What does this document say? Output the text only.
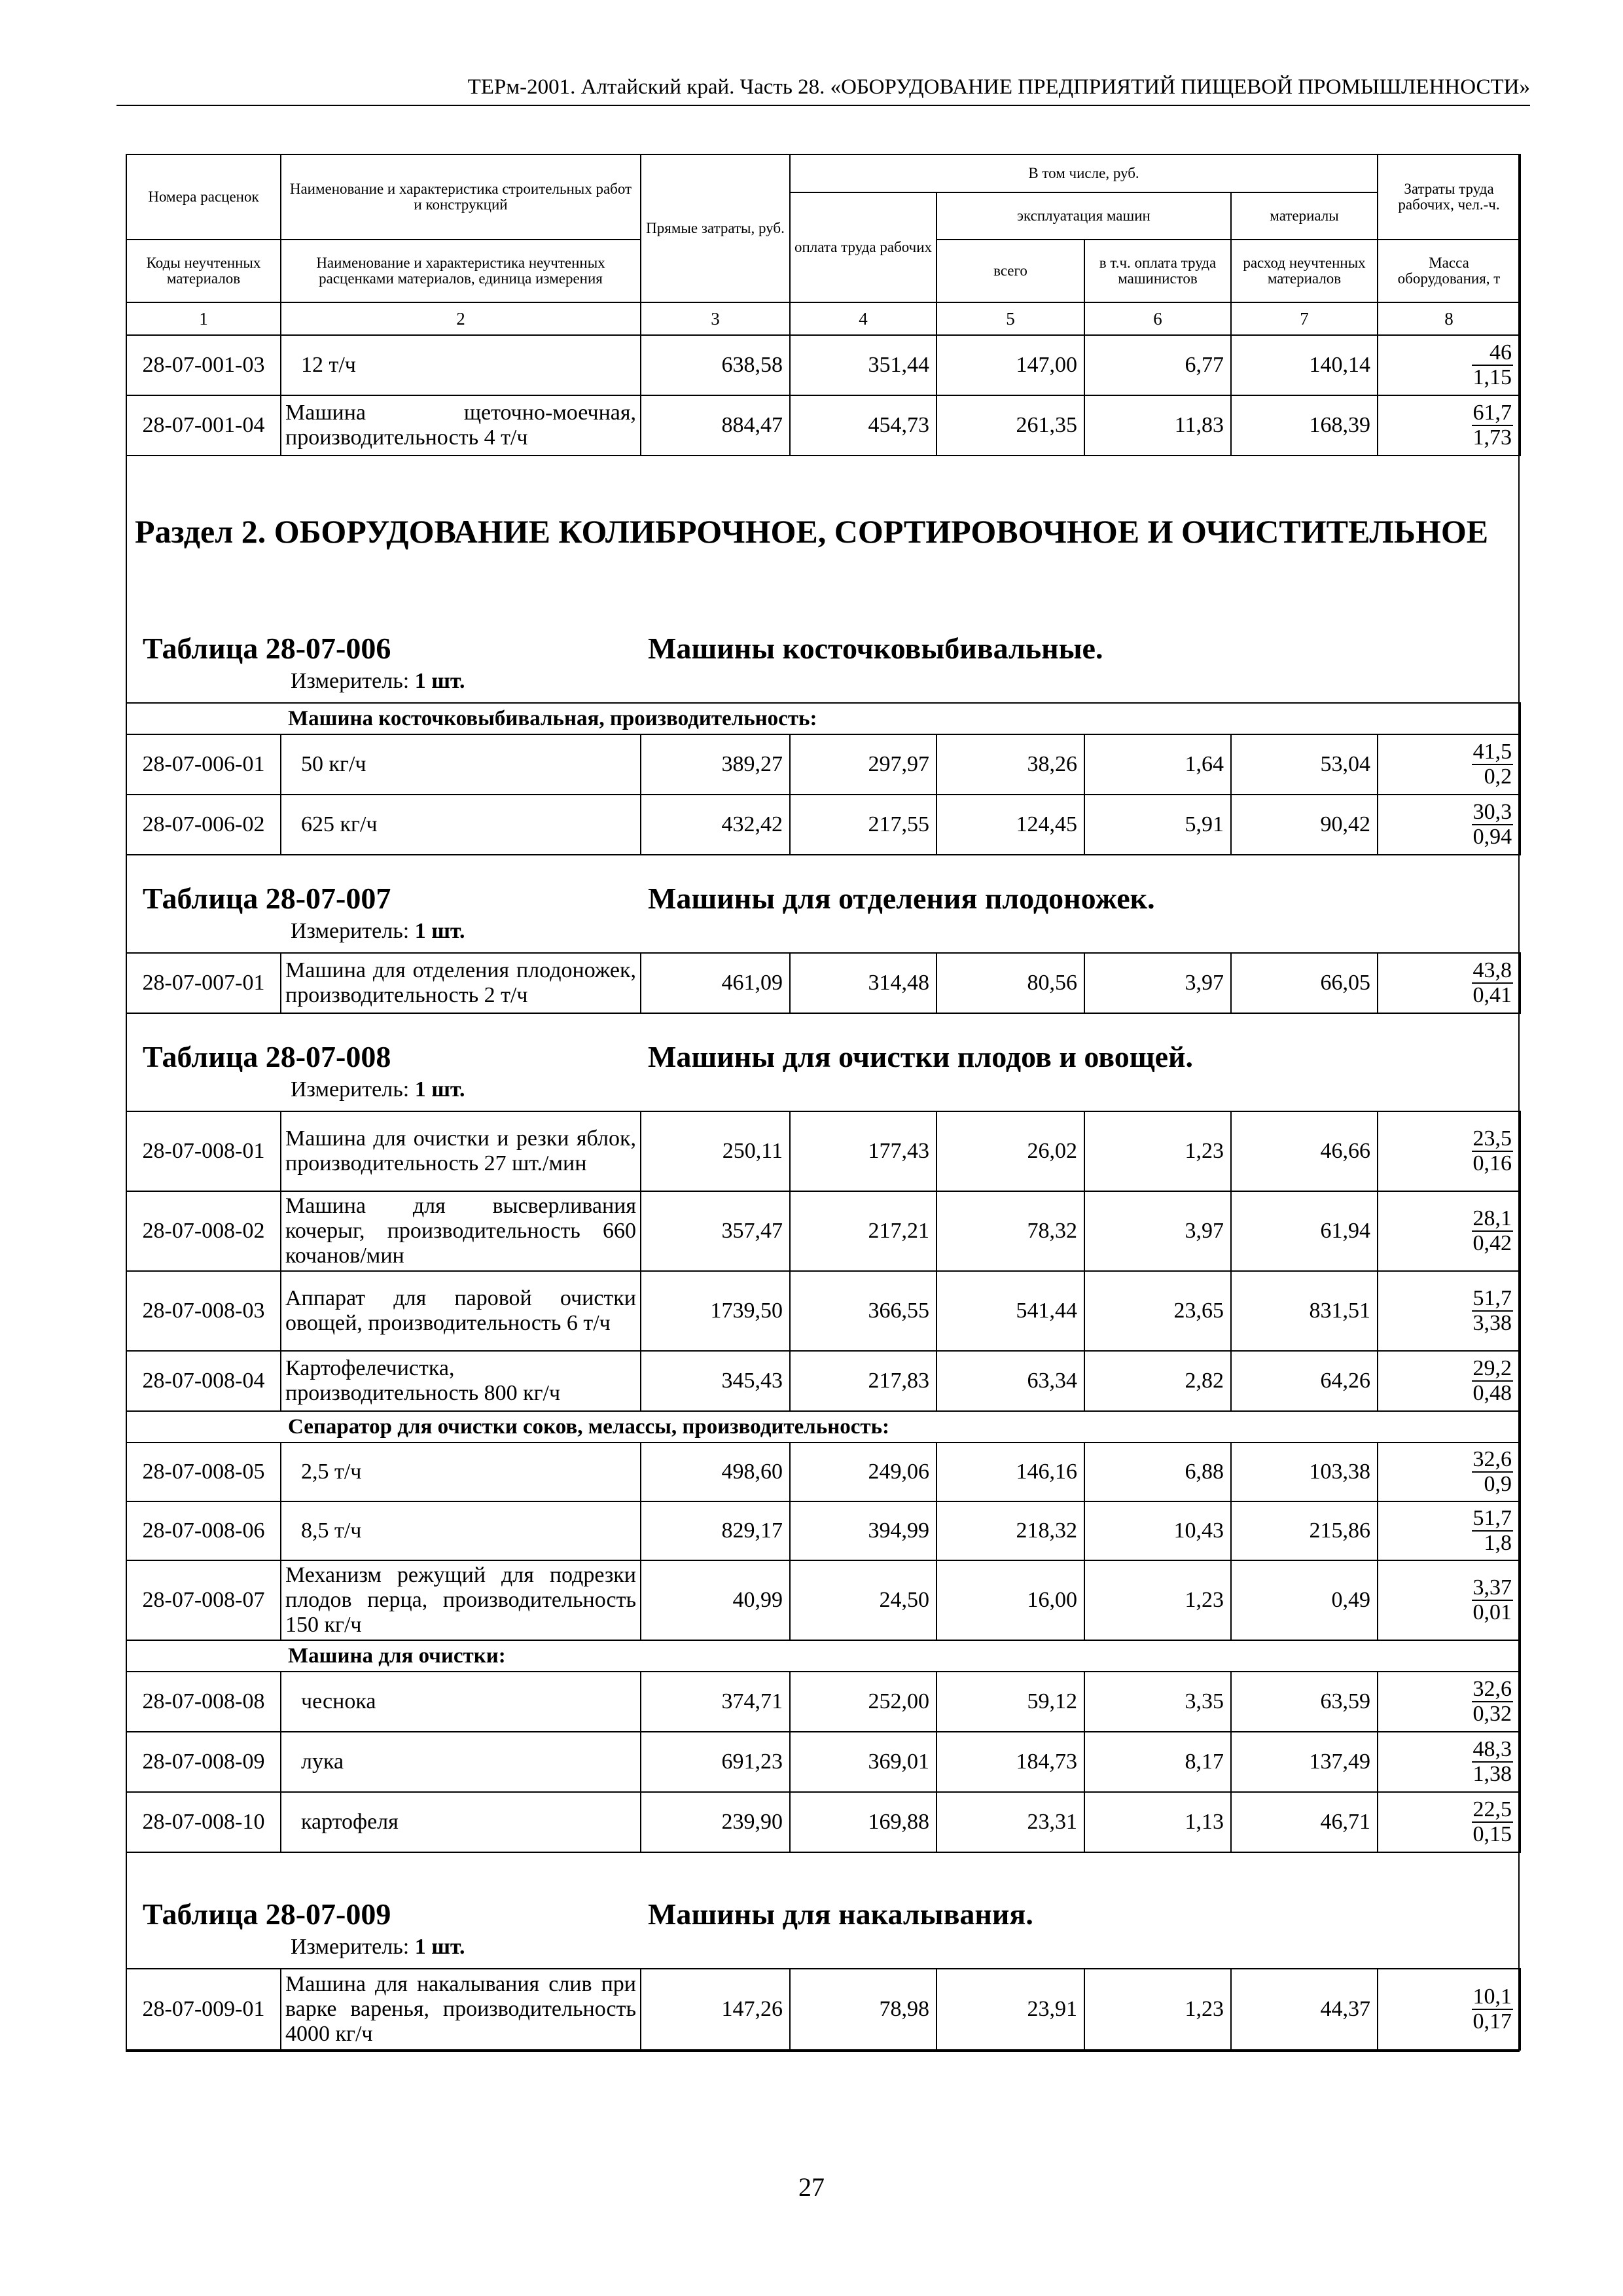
ТЕРм-2001. Алтайский край. Часть 28. «ОБОРУДОВАНИЕ ПРЕДПРИЯТИЙ ПИЩЕВОЙ ПРОМЫШЛЕННОСТИ»
Номера расценок	Наименование и характеристика строительных работ и конструкций	Прямые затраты, руб.	В том числе, руб.				Затраты труда рабочих, чел.-ч.
			оплата труда рабочих	эксплуатация машин		материалы	
Коды неучтенных материалов	Наименование и характеристика неучтенных расценками материалов, единица измерения			всего	в т.ч. оплата труда машинистов	расход неучтенных материалов	Масса оборудования, т
1	2	3	4	5	6	7	8
28-07-001-03	12 т/ч	638,58	351,44	147,00	6,77	140,14	$\frac{46}{1,15}$

28-07-001-04	Машина щеточно-моечная, производительность 4 т/ч	884,47	454,73	261,35	11,83	168,39	$\frac{61,7}{1,73}$
Раздел 2. ОБОРУДОВАНИЕ КОЛИБРОЧНОЕ, СОРТИРОВОЧНОЕ И ОЧИСТИТЕЛЬНОЕ
Таблица 28-07-006	Машины косточковыбивальные.
Измеритель: 1 шт.
Машина косточковыбивальная, производительность:							
28-07-006-01	50 кг/ч	389,27	297,97	38,26	1,64	53,04	$\frac{41,5}{0,2}$

28-07-006-02	625 кг/ч	432,42	217,55	124,45	5,91	90,42	$\frac{30,3}{0,94}$
Таблица 28-07-007	Машины для отделения плодоножек.
Измеритель: 1 шт.
28-07-007-01	Машина для отделения плодоножек, производительность 2 т/ч	461,09	314,48	80,56	3,97	66,05	$\frac{43,8}{0,41}$
Таблица 28-07-008	Машины для очистки плодов и овощей.
Измеритель: 1 шт.
28-07-008-01	Машина для очистки и резки яблок, производительность 27 шт./мин	250,11	177,43	26,02	1,23	46,66	$\frac{23,5}{0,16}$

28-07-008-02	Машина для высверливания кочерыг, производительность 660 кочанов/мин	357,47	217,21	78,32	3,97	61,94	$\frac{28,1}{0,42}$

28-07-008-03	Аппарат для паровой очистки овощей, производительность 6 т/ч	1739,50	366,55	541,44	23,65	831,51	$\frac{51,7}{3,38}$

28-07-008-04	Картофелечистка, производительность 800 кг/ч	345,43	217,83	63,34	2,82	64,26	$\frac{29,2}{0,48}$

Сепаратор для очистки соков, мелассы, производительность:							
28-07-008-05	2,5 т/ч	498,60	249,06	146,16	6,88	103,38	$\frac{32,6}{0,9}$

28-07-008-06	8,5 т/ч	829,17	394,99	218,32	10,43	215,86	$\frac{51,7}{1,8}$

28-07-008-07	Механизм режущий для подрезки плодов перца, производительность 150 кг/ч	40,99	24,50	16,00	1,23	0,49	$\frac{3,37}{0,01}$

Машина для очистки:							
28-07-008-08	чеснока	374,71	252,00	59,12	3,35	63,59	$\frac{32,6}{0,32}$

28-07-008-09	лука	691,23	369,01	184,73	8,17	137,49	$\frac{48,3}{1,38}$

28-07-008-10	картофеля	239,90	169,88	23,31	1,13	46,71	$\frac{22,5}{0,15}$
Таблица 28-07-009	Машины для накалывания.
Измеритель: 1 шт.
28-07-009-01	Машина для накалывания слив при варке варенья, производительность 4000 кг/ч	147,26	78,98	23,91	1,23	44,37	$\frac{10,1}{0,17}$
27
